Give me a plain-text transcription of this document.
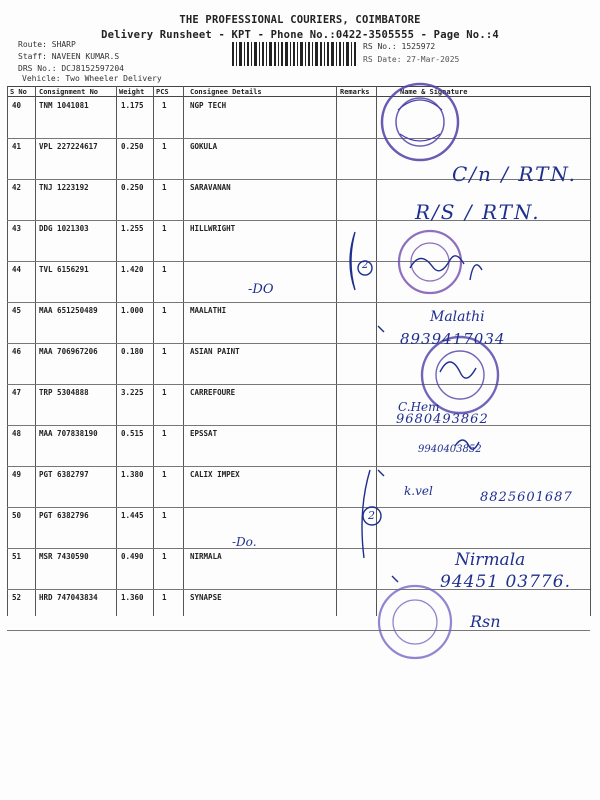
THE PROFESSIONAL COURIERS, COIMBATORE
Delivery Runsheet - KPT - Phone No.:0422-3505555 - Page No.:4
Route: SHARP
Staff: NAVEEN KUMAR.S
DRS No.: DCJ8152597204
Vehicle: Two Wheeler Delivery
RS No.: 1525972
RS Date: 27-Mar-2025
S No Consignment No	Weight PCS	Consignee Details	Remarks	Name & Signature
40 TNM 1041081	1.175 1	NGP TECH
41 VPL 227224617	0.250 1	GOKULA
42 TNJ 1223192	0.250 1	SARAVANAN
43 DDG 1021303	1.255 1	HILLWRIGHT
44 TVL 6156291	1.420 1
45 MAA 651250489	1.000 1	MAALATHI
46 MAA 706967206	0.180 1	ASIAN PAINT
47 TRP 5304888	3.225 1	CARREFOURE
48 MAA 707838190	0.515 1	EPSSAT
49 PGT 6382797	1.380 1	CALIX IMPEX
50 PGT 6382796	1.445 1
51 MSR 7430590	0.490 1	NIRMALA
52 HRD 747043834	1.360 1	SYNAPSE
C/n / RTN.
R/S / RTN.
-DO
Malathi
8939417034
C.Hem
9680493862
9940403852
k.vel	8825601687
-Do.
Nirmala
94451 03776.
Rsn
2
2
